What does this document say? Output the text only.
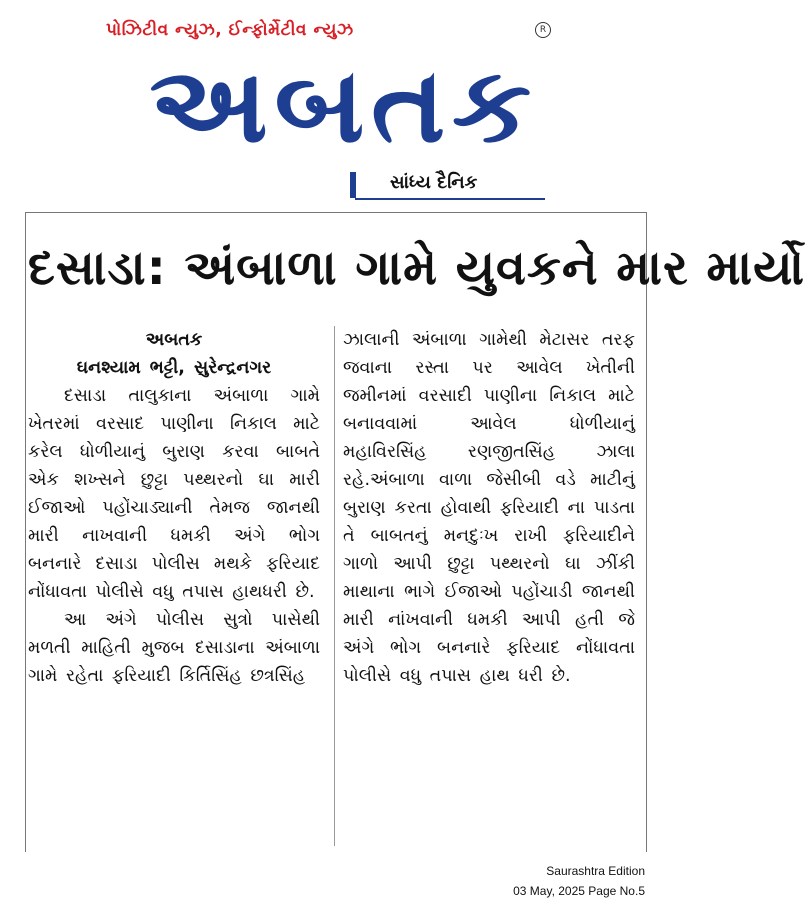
પોઝિટીવ ન્યુઝ, ઈન્ફોર્મેટીવ ન્યુઝ	R
અબતક
સાંધ્ય દૈનિક
દસાડા: અંબાળા ગામે યુવકને માર માર્યો
અબતક
ઘનશ્યામ ભટ્ટી, સુરેન્દ્રનગર

દસાડા તાલુકાના અંબાળા ગામે ખેતરમાં વરસાદ પાણીના નિકાલ માટે કરેલ ધોળીયાનું બુરાણ કરવા બાબતે એક શખ્સને છુટ્ટા પથ્થરનો ઘા મારી ઈજાઓ પહોંચાડ્યાની તેમજ જાનથી મારી નાખવાની ધમકી અંગે ભોગ બનનારે દસાડા પોલીસ મથકે ફરિયાદ નોંધાવતા પોલીસે વધુ તપાસ હાથધરી છે.

આ અંગે પોલીસ સુત્રો પાસેથી મળતી માહિતી મુજબ દસાડાના અંબાળા ગામે રહેતા ફરિયાદી કિર્તિસિંહ છત્રસિંહ

ઝાલાની અંબાળા ગામેથી મેટાસર તરફ જવાના રસ્તા પર આવેલ ખેતીની જમીનમાં વરસાદી પાણીના નિકાલ માટે બનાવવામાં આવેલ ધોળીયાનું મહાવિરસિંહ રણજીતસિંહ ઝાલા રહે.અંબાળા વાળા જેસીબી વડે માટીનું બુરાણ કરતા હોવાથી ફરિયાદી ના પાડતા તે બાબતનું મનદુઃખ રાખી ફરિયાદીને ગાળો આપી છુટ્ટા પથ્થરનો ઘા ઝીંકી માથાના ભાગે ઈજાઓ પહોંચાડી જાનથી મારી નાંખવાની ધમકી આપી હતી જે અંગે ભોગ બનનારે ફરિયાદ નોંધાવતા પોલીસે વધુ તપાસ હાથ ધરી છે.

Saurashtra Edition
03 May, 2025 Page No.5
